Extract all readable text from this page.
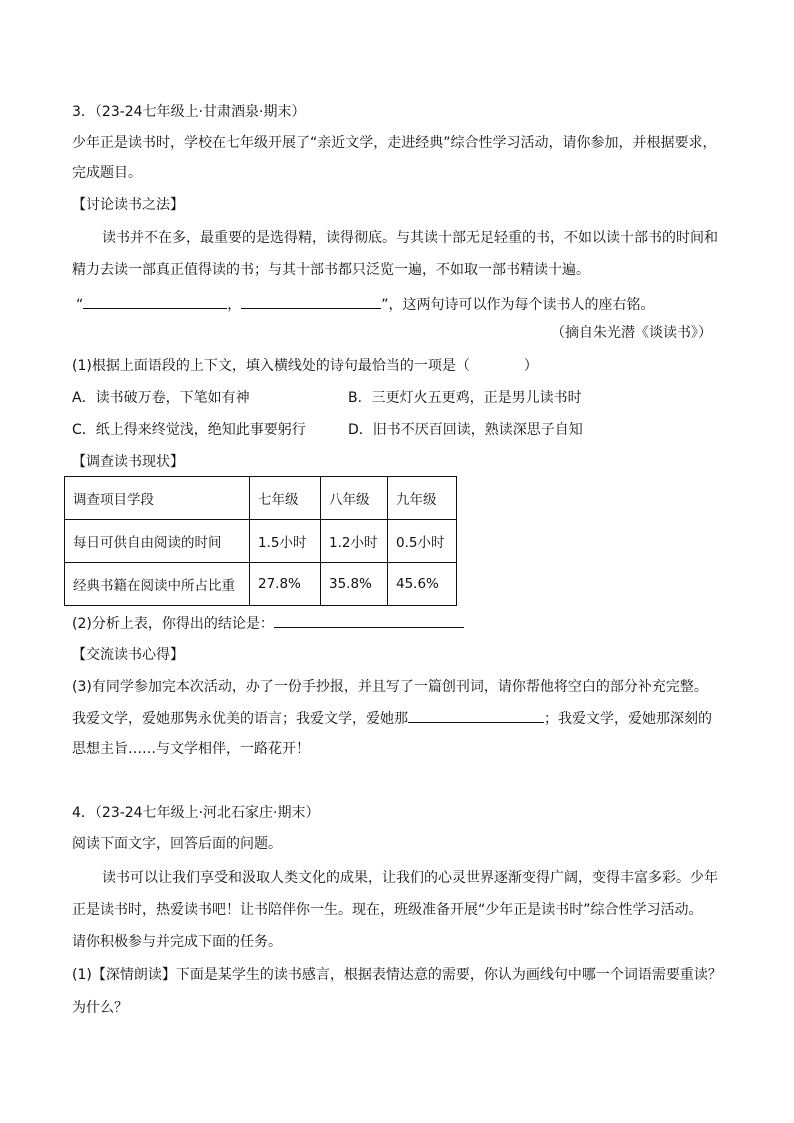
3．（23-24七年级上·甘肃酒泉·期末）
少年正是读书时，学校在七年级开展了“亲近文学，走进经典”综合性学习活动，请你参加，并根据要求，
完成题目。
【讨论读书之法】
读书并不在多，最重要的是选得精，读得彻底。与其读十部无足轻重的书，不如以读十部书的时间和
精力去读一部真正值得读的书；与其十部书都只泛览一遍，不如取一部书精读十遍。
“	，	”，这两句诗可以作为每个读书人的座右铭。
（摘自朱光潜《谈读书》）
(1)根据上面语段的上下文，填入横线处的诗句最恰当的一项是（	）
A．读书破万卷，下笔如有神	B．三更灯火五更鸡，正是男儿读书时
C．纸上得来终觉浅，绝知此事要躬行	D．旧书不厌百回读，熟读深思子自知
【调查读书现状】
调查项目学段	七年级	八年级	九年级
每日可供自由阅读的时间	1.5小时	1.2小时	0.5小时
经典书籍在阅读中所占比重	27.8%	35.8%	45.6%
(2)分析上表，你得出的结论是：
【交流读书心得】
(3)有同学参加完本次活动，办了一份手抄报，并且写了一篇创刊词，请你帮他将空白的部分补充完整。
我爱文学，爱她那隽永优美的语言；我爱文学，爱她那	；我爱文学，爱她那深刻的
思想主旨……与文学相伴，一路花开！
4．（23-24七年级上·河北石家庄·期末）
阅读下面文字，回答后面的问题。
读书可以让我们享受和汲取人类文化的成果，让我们的心灵世界逐渐变得广阔，变得丰富多彩。少年
正是读书时，热爱读书吧！让书陪伴你一生。现在，班级准备开展“少年正是读书时”综合性学习活动。
请你积极参与并完成下面的任务。
(1)【深情朗读】下面是某学生的读书感言，根据表情达意的需要，你认为画线句中哪一个词语需要重读？
为什么？
